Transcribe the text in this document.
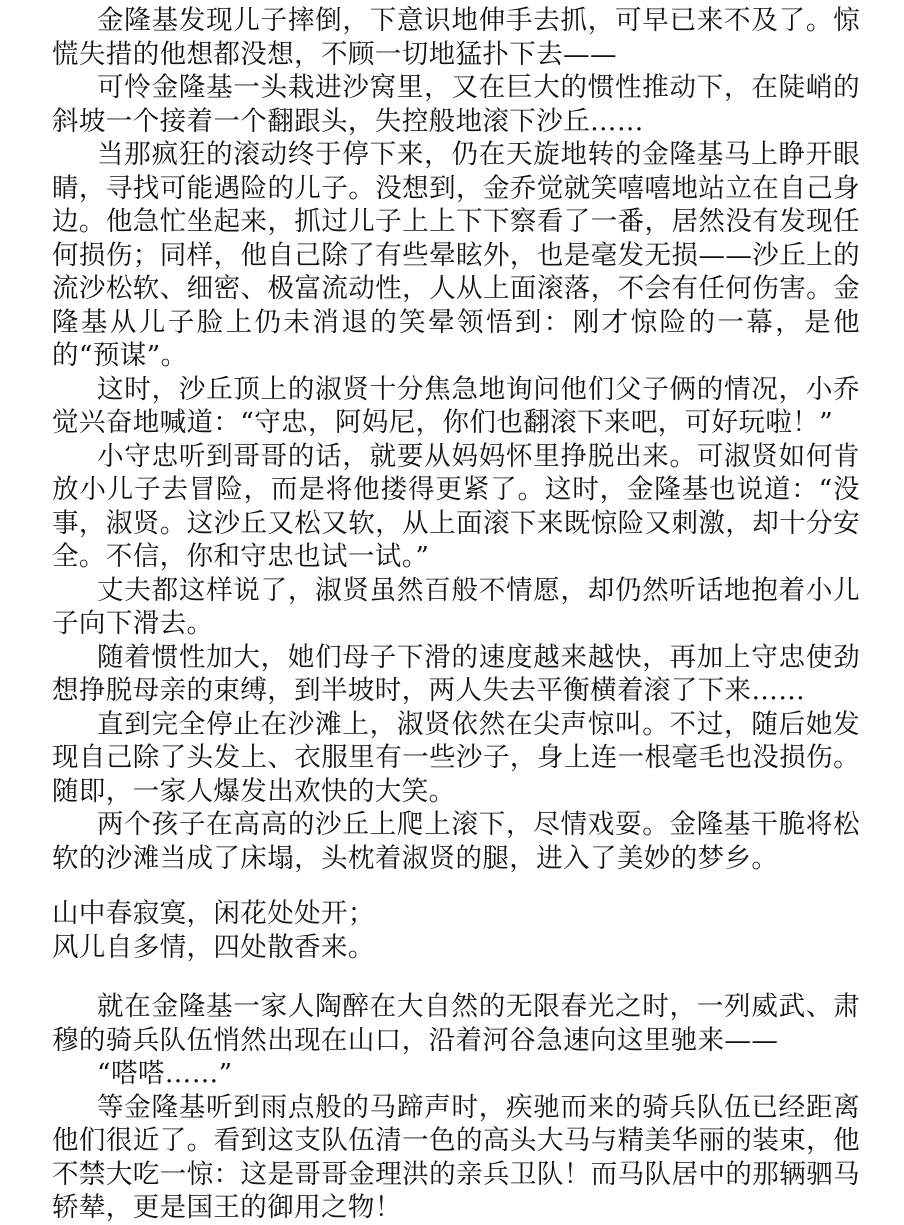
金隆基发现儿子摔倒，下意识地伸手去抓，可早已来不及了。惊慌失措的他想都没想，不顾一切地猛扑下去——

可怜金隆基一头栽进沙窝里，又在巨大的惯性推动下，在陡峭的斜坡一个接着一个翻跟头，失控般地滚下沙丘……

当那疯狂的滚动终于停下来，仍在天旋地转的金隆基马上睁开眼睛，寻找可能遇险的儿子。没想到，金乔觉就笑嘻嘻地站立在自己身边。他急忙坐起来，抓过儿子上上下下察看了一番，居然没有发现任何损伤；同样，他自己除了有些晕眩外，也是毫发无损——沙丘上的流沙松软、细密、极富流动性，人从上面滚落，不会有任何伤害。金隆基从儿子脸上仍未消退的笑晕领悟到：刚才惊险的一幕，是他的“预谋”。

这时，沙丘顶上的淑贤十分焦急地询问他们父子俩的情况，小乔觉兴奋地喊道：“守忠，阿妈尼，你们也翻滚下来吧，可好玩啦！”

小守忠听到哥哥的话，就要从妈妈怀里挣脱出来。可淑贤如何肯放小儿子去冒险，而是将他搂得更紧了。这时，金隆基也说道：“没事，淑贤。这沙丘又松又软，从上面滚下来既惊险又刺激，却十分安全。不信，你和守忠也试一试。”

丈夫都这样说了，淑贤虽然百般不情愿，却仍然听话地抱着小儿子向下滑去。

随着惯性加大，她们母子下滑的速度越来越快，再加上守忠使劲想挣脱母亲的束缚，到半坡时，两人失去平衡横着滚了下来……

直到完全停止在沙滩上，淑贤依然在尖声惊叫。不过，随后她发现自己除了头发上、衣服里有一些沙子，身上连一根毫毛也没损伤。随即，一家人爆发出欢快的大笑。

两个孩子在高高的沙丘上爬上滚下，尽情戏耍。金隆基干脆将松软的沙滩当成了床塌，头枕着淑贤的腿，进入了美妙的梦乡。

山中春寂寞，闲花处处开；

风儿自多情，四处散香来。

就在金隆基一家人陶醉在大自然的无限春光之时，一列威武、肃穆的骑兵队伍悄然出现在山口，沿着河谷急速向这里驰来——

“嗒嗒……”

等金隆基听到雨点般的马蹄声时，疾驰而来的骑兵队伍已经距离他们很近了。看到这支队伍清一色的高头大马与精美华丽的装束，他不禁大吃一惊：这是哥哥金理洪的亲兵卫队！而马队居中的那辆驷马轿辇，更是国王的御用之物！
